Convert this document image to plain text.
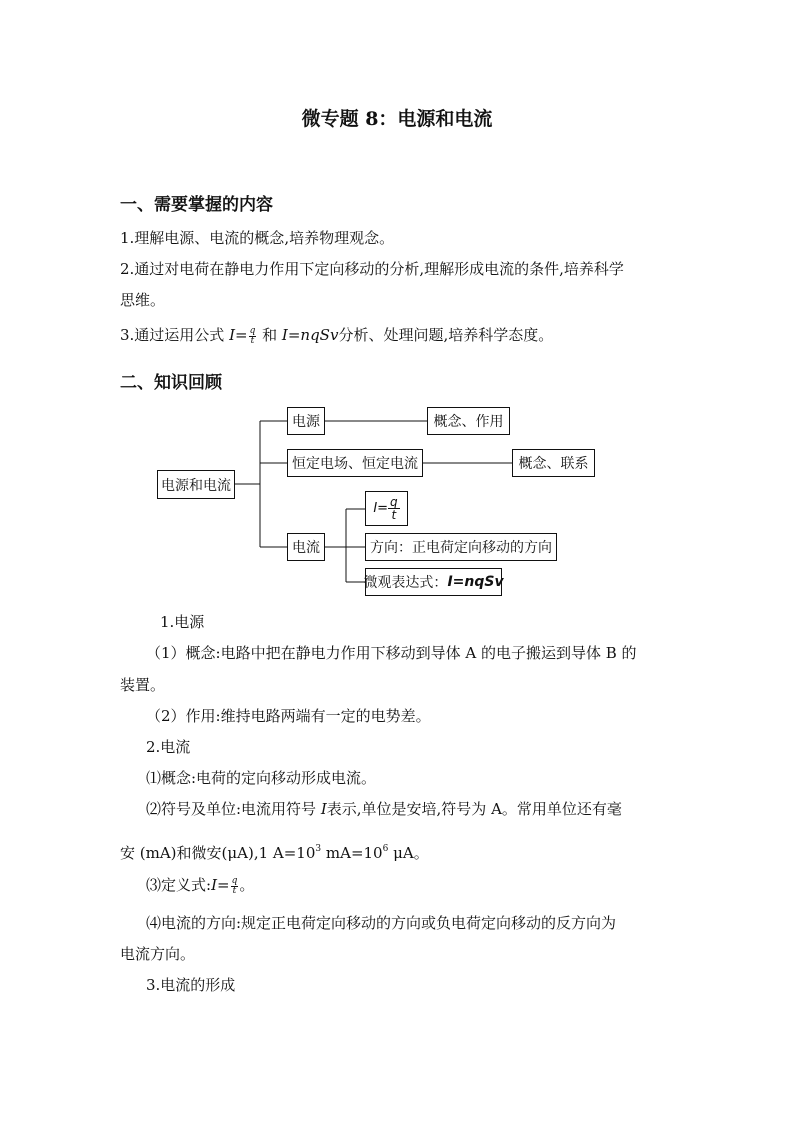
微专题 8：电源和电流
一、需要掌握的内容
1.理解电源、电流的概念,培养物理观念。
2.通过对电荷在静电力作用下定向移动的分析,理解形成电流的条件,培养科学
思维。
3.通过运用公式 $I= \frac{q}{t}$ 和 I=nqSv分析、处理问题,培养科学态度。
二、知识回顾
电源和电流
电源	概念、作用
恒定电场、恒定电流	概念、联系
电流
$I= \frac{q}{t}$
方向：正电荷定向移动的方向
微观表达式： I=nqSv
1.电源
（1）概念:电路中把在静电力作用下移动到导体 A 的电子搬运到导体 B 的
装置。
（2）作用:维持电路两端有一定的电势差。
2.电流
⑴概念:电荷的定向移动形成电流。
⑵符号及单位:电流用符号 I表示,单位是安培,符号为 A。常用单位还有毫
安 (mA)和微安(μA),1 $A=10^3$ $mA=10^6$ μA。
⑶定义式:I= $\frac{q}{t}$ 。
⑷电流的方向:规定正电荷定向移动的方向或负电荷定向移动的反方向为
电流方向。
3.电流的形成
